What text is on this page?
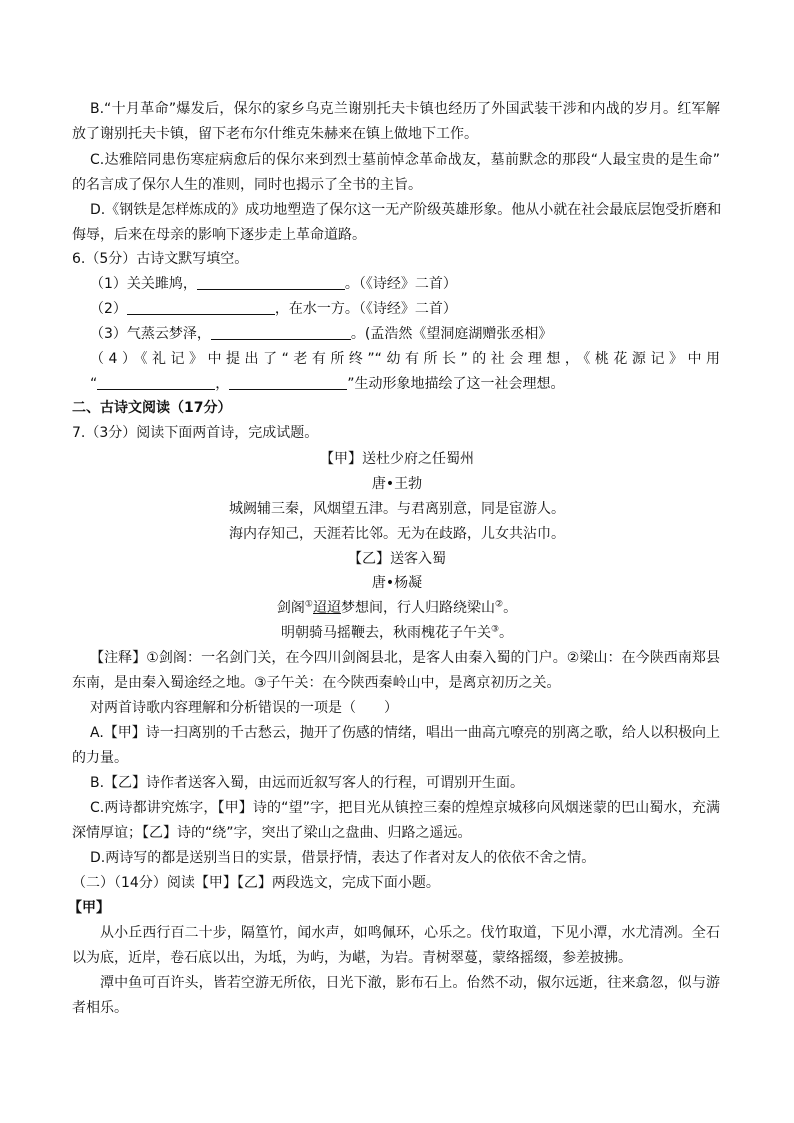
B.“十月革命”爆发后，保尔的家乡乌克兰谢别托夫卡镇也经历了外国武装干涉和内战的岁月。红军解
放了谢别托夫卡镇，留下老布尔什维克朱赫来在镇上做地下工作。
C.达雅陪同患伤寒症病愈后的保尔来到烈士墓前悼念革命战友，墓前默念的那段“人最宝贵的是生命”
的名言成了保尔人生的准则，同时也揭示了全书的主旨。
D.《钢铁是怎样炼成的》成功地塑造了保尔这一无产阶级英雄形象。他从小就在社会最底层饱受折磨和
侮辱，后来在母亲的影响下逐步走上革命道路。
6.（5分）古诗文默写填空。
（1）关关雎鸠，	。（《诗经》二首）
（2）	，在水一方。（《诗经》二首）
（3）气蒸云梦泽，	。(孟浩然《望洞庭湖赠张丞相》
（4）《礼记》中提出了“老有所终”“幼有所长”的社会理想，《桃花源记》中用
“	，	”生动形象地描绘了这一社会理想。
二、古诗文阅读（17分）
7.（3分）阅读下面两首诗，完成试题。
【甲】送杜少府之任蜀州
唐•王勃
城阙辅三秦，风烟望五津。与君离别意，同是宦游人。
海内存知己，天涯若比邻。无为在歧路，儿女共沾巾。
【乙】送客入蜀
唐•杨凝
剑阁①迢迢梦想间，行人归路绕梁山②。
明朝骑马摇鞭去，秋雨槐花子午关③。
【注释】①剑阁：一名剑门关，在今四川剑阁县北，是客人由秦入蜀的门户。②梁山：在今陕西南郑县
东南，是由秦入蜀途经之地。③子午关：在今陕西秦岭山中，是离京初历之关。
对两首诗歌内容理解和分析错误的一项是（　　）
A.【甲】诗一扫离别的千古愁云，抛开了伤感的情绪，唱出一曲高亢嘹亮的别离之歌，给人以积极向上
的力量。
B.【乙】诗作者送客入蜀，由远而近叙写客人的行程，可谓别开生面。
C.两诗都讲究炼字，【甲】诗的“望”字，把目光从镇控三秦的煌煌京城移向风烟迷蒙的巴山蜀水，充满
深情厚谊；【乙】诗的“绕”字，突出了梁山之盘曲、归路之遥远。
D.两诗写的都是送别当日的实景，借景抒情，表达了作者对友人的依依不舍之情。
（二）（14分）阅读【甲】【乙】两段选文，完成下面小题。
【甲】
从小丘西行百二十步，隔篁竹，闻水声，如鸣佩环，心乐之。伐竹取道，下见小潭，水尤清冽。全石
以为底，近岸，卷石底以出，为坻，为屿，为嵁，为岩。青树翠蔓，蒙络摇缀，参差披拂。
潭中鱼可百许头，皆若空游无所依，日光下澈，影布石上。佁然不动，俶尔远逝，往来翕忽，似与游
者相乐。
